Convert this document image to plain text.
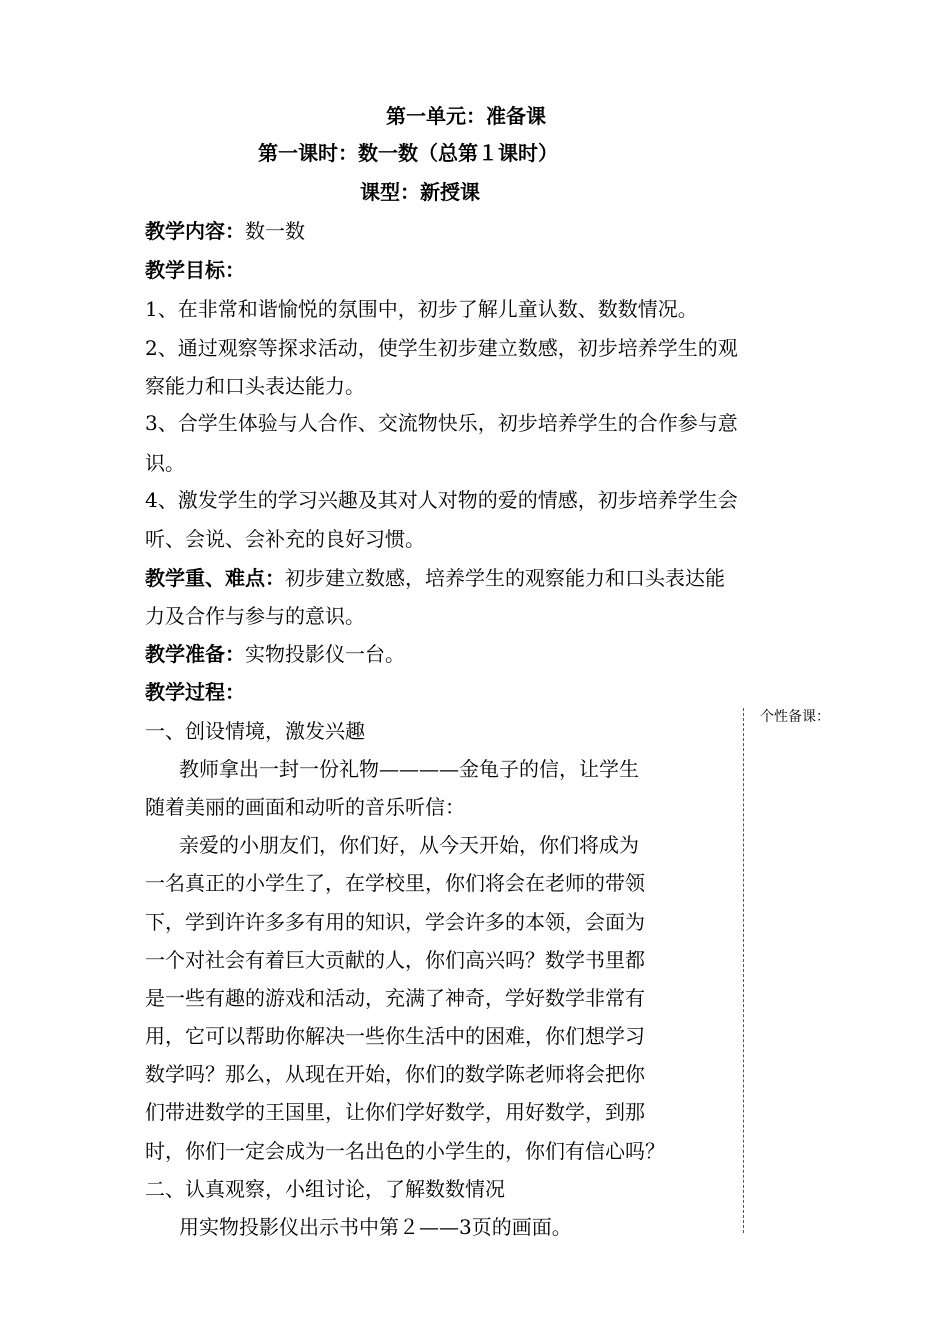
第一单元：准备课
第一课时：数一数（总第１课时）
课型：新授课
教学内容：数一数
教学目标：
1、在非常和谐愉悦的氛围中，初步了解儿童认数、数数情况。
2、通过观察等探求活动，使学生初步建立数感，初步培养学生的观
察能力和口头表达能力。
3、合学生体验与人合作、交流物快乐，初步培养学生的合作参与意
识。
4、激发学生的学习兴趣及其对人对物的爱的情感，初步培养学生会
听、会说、会补充的良好习惯。
教学重、难点：初步建立数感，培养学生的观察能力和口头表达能
力及合作与参与的意识。
教学准备：实物投影仪一台。
教学过程：
一、创设情境，激发兴趣
教师拿出一封一份礼物————金龟子的信，让学生
随着美丽的画面和动听的音乐听信：
亲爱的小朋友们，你们好，从今天开始，你们将成为
一名真正的小学生了，在学校里，你们将会在老师的带领
下，学到许许多多有用的知识，学会许多的本领，会面为
一个对社会有着巨大贡献的人，你们高兴吗？数学书里都
是一些有趣的游戏和活动，充满了神奇，学好数学非常有
用，它可以帮助你解决一些你生活中的困难，你们想学习
数学吗？那么，从现在开始，你们的数学陈老师将会把你
们带进数学的王国里，让你们学好数学，用好数学，到那
时，你们一定会成为一名出色的小学生的，你们有信心吗？
二、认真观察，小组讨论，了解数数情况
用实物投影仪出示书中第２——3页的画面。
个性备课：
